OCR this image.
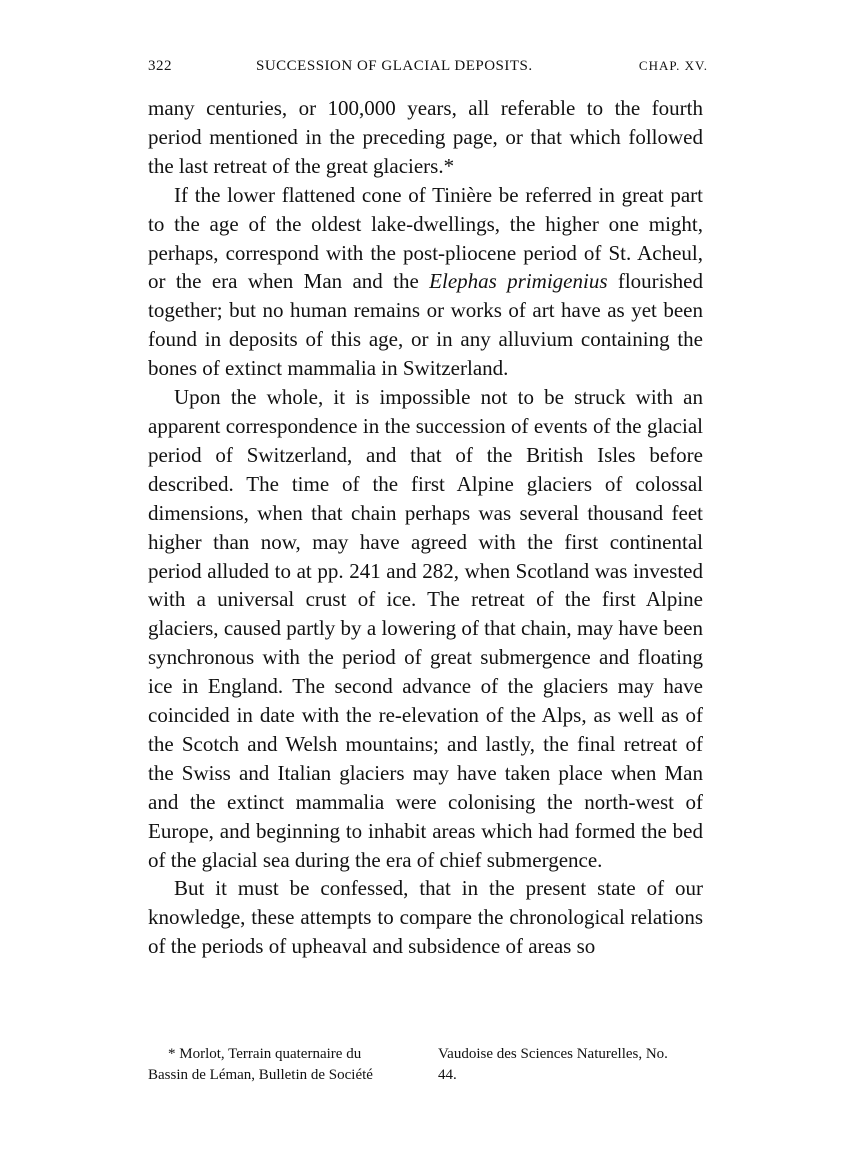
322	SUCCESSION OF GLACIAL DEPOSITS.	CHAP. XV.

many centuries, or 100,000 years, all referable to the fourth period mentioned in the preceding page, or that which followed the last retreat of the great glaciers.*

If the lower flattened cone of Tinière be referred in great part to the age of the oldest lake-dwellings, the higher one might, perhaps, correspond with the post-pliocene period of St. Acheul, or the era when Man and the Elephas primigenius flourished together; but no human remains or works of art have as yet been found in deposits of this age, or in any alluvium containing the bones of extinct mammalia in Switzerland.

Upon the whole, it is impossible not to be struck with an apparent correspondence in the succession of events of the glacial period of Switzerland, and that of the British Isles before described. The time of the first Alpine glaciers of colossal dimensions, when that chain perhaps was several thousand feet higher than now, may have agreed with the first continental period alluded to at pp. 241 and 282, when Scotland was invested with a universal crust of ice. The retreat of the first Alpine glaciers, caused partly by a lowering of that chain, may have been synchronous with the period of great submergence and floating ice in England. The second advance of the glaciers may have coincided in date with the re-elevation of the Alps, as well as of the Scotch and Welsh mountains; and lastly, the final retreat of the Swiss and Italian glaciers may have taken place when Man and the extinct mammalia were colonising the north-west of Europe, and beginning to inhabit areas which had formed the bed of the glacial sea during the era of chief submergence.

But it must be confessed, that in the present state of our knowledge, these attempts to compare the chronological relations of the periods of upheaval and subsidence of areas so

* Morlot, Terrain quaternaire du
Bassin de Léman, Bulletin de Société
Vaudoise des Sciences Naturelles, No.
44.
